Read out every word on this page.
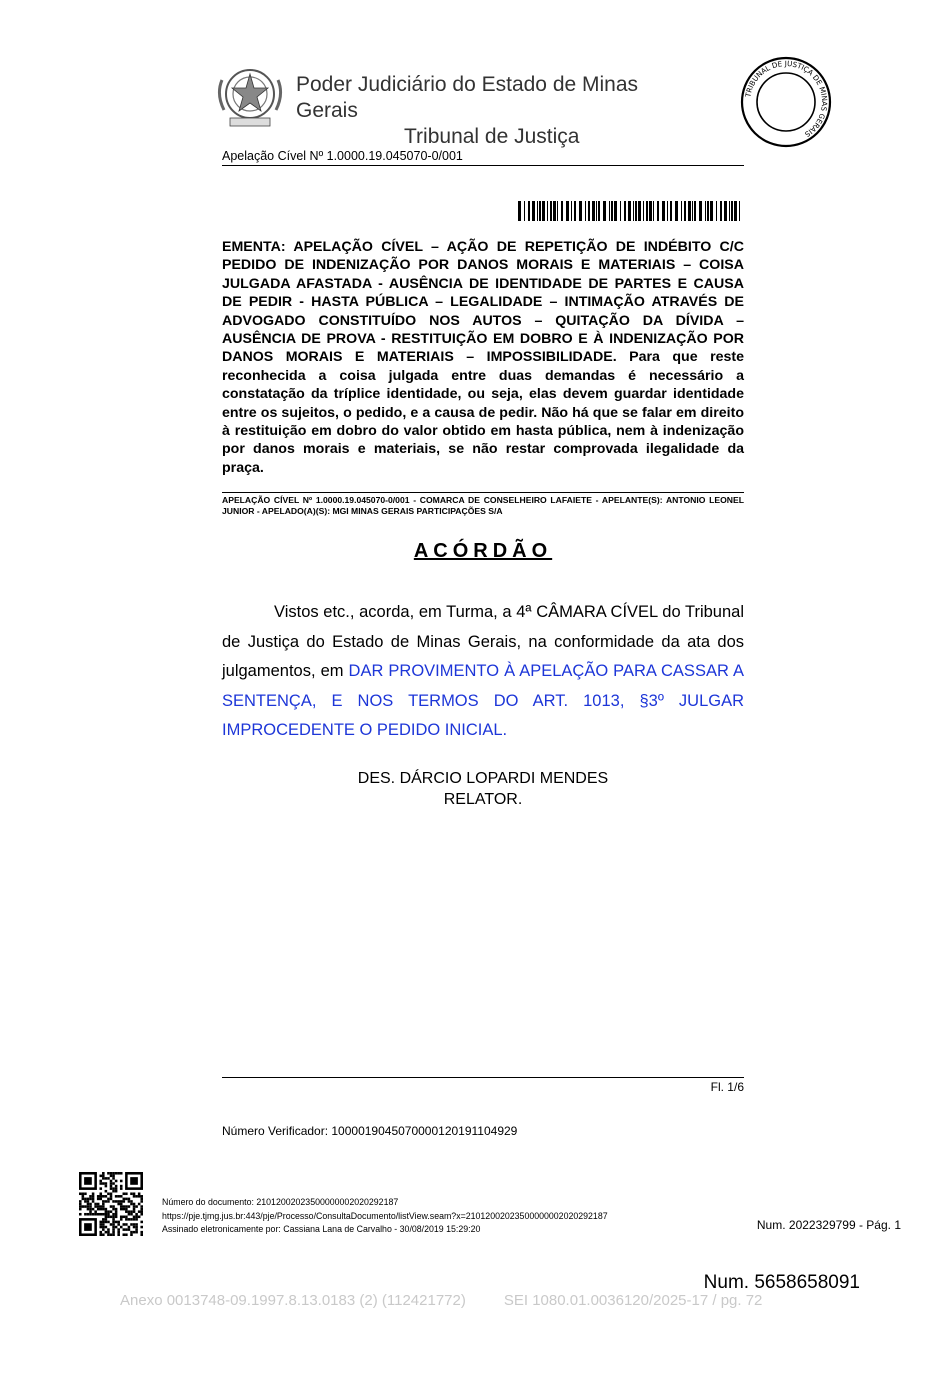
Poder Judiciário do Estado de Minas Gerais
Tribunal de Justiça
TRIBUNAL DE JUSTIÇA DE MINAS GERAIS
Apelação Cível Nº 1.0000.19.045070-0/001
EMENTA: APELAÇÃO CÍVEL – AÇÃO DE REPETIÇÃO DE INDÉBITO C/C PEDIDO DE INDENIZAÇÃO POR DANOS MORAIS E MATERIAIS – COISA JULGADA AFASTADA - AUSÊNCIA DE IDENTIDADE DE PARTES E CAUSA DE PEDIR - HASTA PÚBLICA – LEGALIDADE – INTIMAÇÃO ATRAVÉS DE ADVOGADO CONSTITUÍDO NOS AUTOS – QUITAÇÃO DA DÍVIDA – AUSÊNCIA DE PROVA - RESTITUIÇÃO EM DOBRO E À INDENIZAÇÃO POR DANOS MORAIS E MATERIAIS – IMPOSSIBILIDADE. Para que reste reconhecida a coisa julgada entre duas demandas é necessário a constatação da tríplice identidade, ou seja, elas devem guardar identidade entre os sujeitos, o pedido, e a causa de pedir. Não há que se falar em direito à restituição em dobro do valor obtido em hasta pública, nem à indenização por danos morais e materiais, se não restar comprovada ilegalidade da praça.
APELAÇÃO CÍVEL Nº 1.0000.19.045070-0/001 - COMARCA DE CONSELHEIRO LAFAIETE - APELANTE(S): ANTONIO LEONEL JUNIOR - APELADO(A)(S): MGI MINAS GERAIS PARTICIPAÇÕES S/A
ACÓRDÃO
Vistos etc., acorda, em Turma, a 4ª CÂMARA CÍVEL do Tribunal de Justiça do Estado de Minas Gerais, na conformidade da ata dos julgamentos, em DAR PROVIMENTO À APELAÇÃO PARA CASSAR A SENTENÇA, E NOS TERMOS DO ART. 1013, §3º JULGAR IMPROCEDENTE O PEDIDO INICIAL.
DES. DÁRCIO LOPARDI MENDES
RELATOR.
Fl. 1/6
Número Verificador: 1000019045070000120191104929
Número do documento: 21012002023500000002020292187
https://pje.tjmg.jus.br:443/pje/Processo/ConsultaDocumento/listView.seam?x=21012002023500000002020292187
Assinado eletronicamente por: Cassiana Lana de Carvalho - 30/08/2019 15:29:20	Num. 2022329799 - Pág. 1
Num. 5658658091
Anexo 0013748-09.1997.8.13.0183 (2) (112421772)	SEI 1080.01.0036120/2025-17 / pg. 72
